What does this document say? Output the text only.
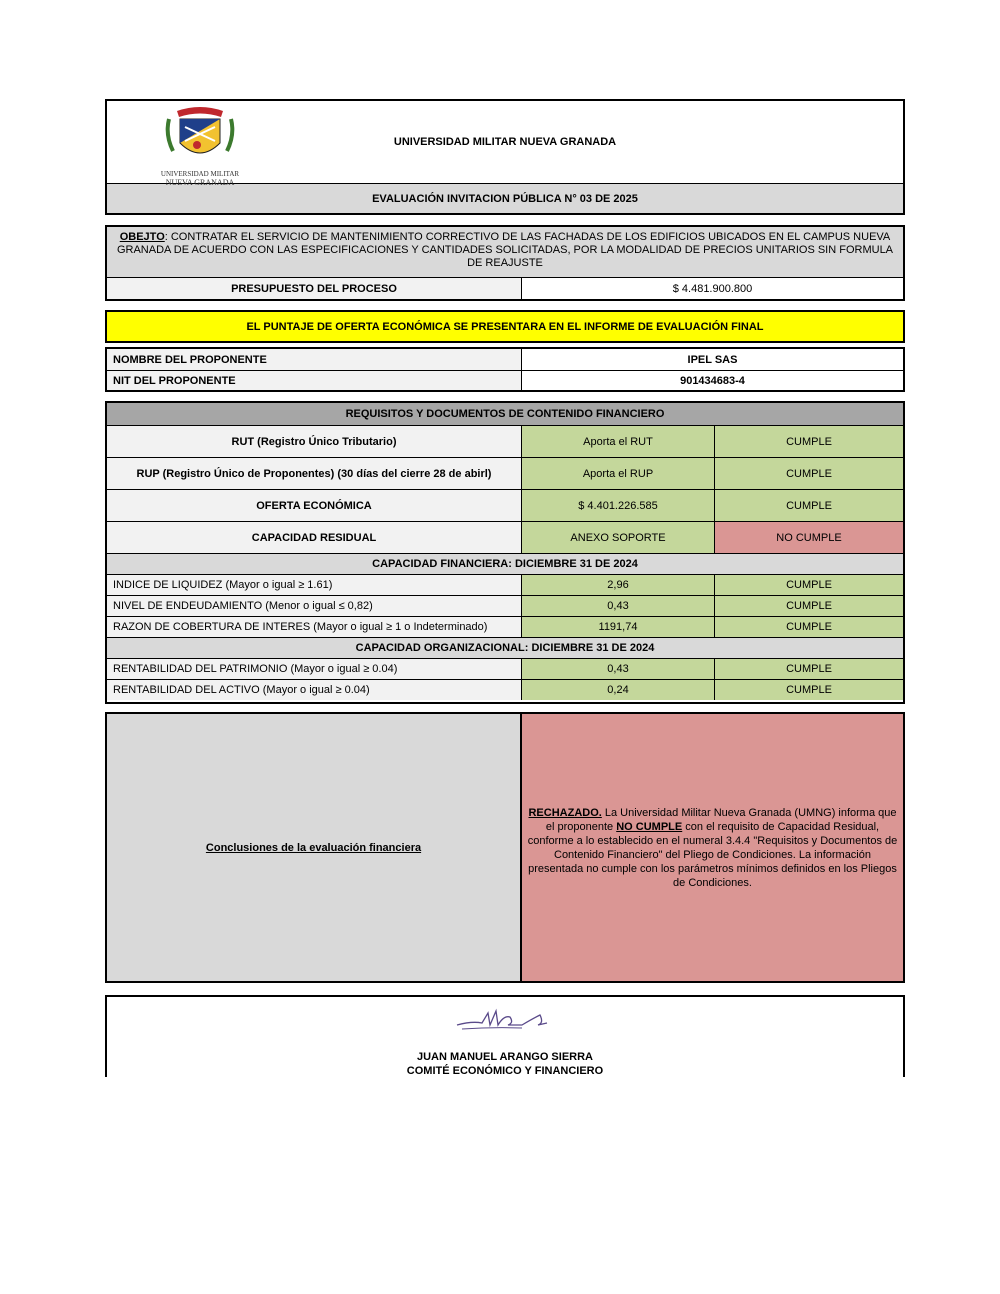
UNIVERSIDAD MILITAR
NUEVA GRANADA
UNIVERSIDAD MILITAR NUEVA GRANADA
EVALUACIÓN INVITACION PÚBLICA N° 03 DE 2025
OBEJTO: CONTRATAR EL SERVICIO DE MANTENIMIENTO CORRECTIVO DE LAS FACHADAS DE LOS EDIFICIOS UBICADOS EN EL CAMPUS NUEVA GRANADA DE ACUERDO CON LAS ESPECIFICACIONES Y CANTIDADES SOLICITADAS, POR LA MODALIDAD DE PRECIOS UNITARIOS SIN FORMULA DE REAJUSTE
PRESUPUESTO DEL PROCESO	$ 4.481.900.800
EL PUNTAJE DE OFERTA ECONÓMICA SE PRESENTARA EN EL INFORME DE EVALUACIÓN FINAL
NOMBRE DEL PROPONENTE	IPEL SAS
NIT DEL PROPONENTE	901434683-4
REQUISITOS Y DOCUMENTOS DE CONTENIDO FINANCIERO
RUT (Registro Único Tributario)	Aporta el RUT	CUMPLE
RUP (Registro Único de Proponentes) (30 días del cierre 28 de abirl)	Aporta el RUP	CUMPLE
OFERTA ECONÓMICA	$ 4.401.226.585	CUMPLE
CAPACIDAD RESIDUAL	ANEXO SOPORTE	NO CUMPLE
CAPACIDAD FINANCIERA: DICIEMBRE 31 DE 2024
INDICE DE LIQUIDEZ (Mayor o igual ≥ 1.61)	2,96	CUMPLE
NIVEL DE ENDEUDAMIENTO (Menor o igual ≤ 0,82)	0,43	CUMPLE
RAZON DE COBERTURA DE INTERES (Mayor o igual ≥ 1 o Indeterminado)	1191,74	CUMPLE
CAPACIDAD ORGANIZACIONAL: DICIEMBRE 31 DE 2024
RENTABILIDAD DEL PATRIMONIO (Mayor o igual ≥ 0.04)	0,43	CUMPLE
RENTABILIDAD DEL ACTIVO (Mayor o igual ≥ 0.04)	0,24	CUMPLE
Conclusiones de la evaluación financiera
RECHAZADO. La Universidad Militar Nueva Granada (UMNG) informa que el proponente NO CUMPLE con el requisito de Capacidad Residual, conforme a lo establecido en el numeral 3.4.4 "Requisitos y Documentos de Contenido Financiero" del Pliego de Condiciones. La información presentada no cumple con los parámetros mínimos definidos en los Pliegos de Condiciones.
JUAN MANUEL ARANGO SIERRA
COMITÉ ECONÓMICO Y FINANCIERO
